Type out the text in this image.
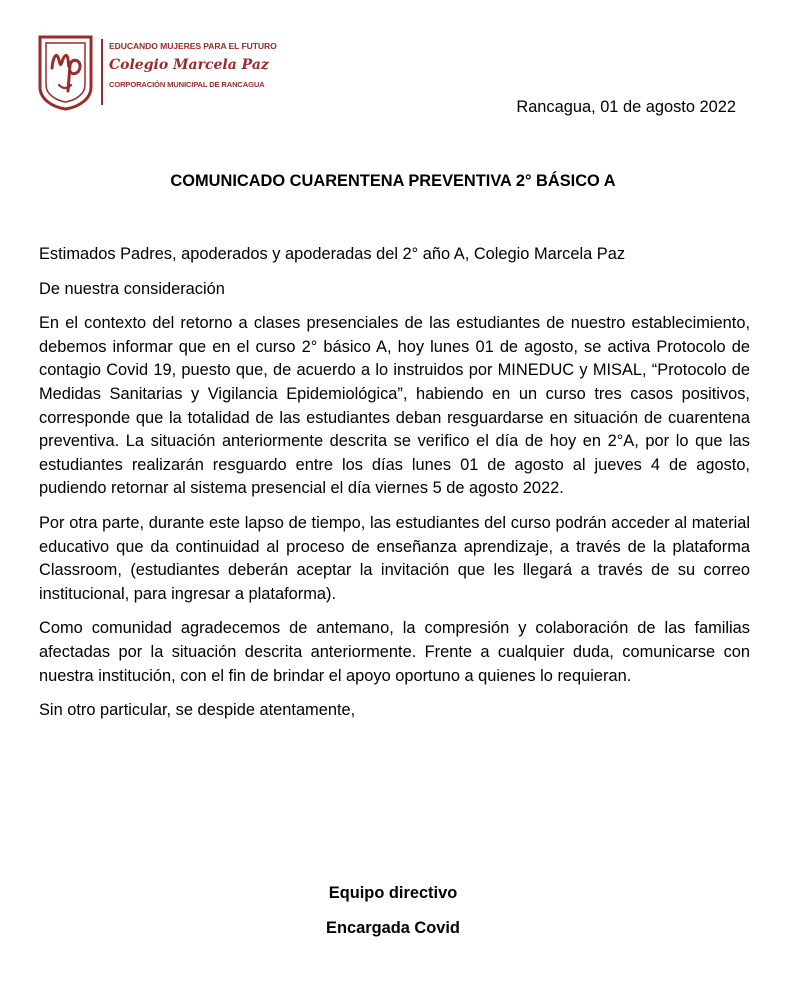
EDUCANDO MUJERES PARA EL FUTURO
Colegio Marcela Paz
CORPORACIÓN MUNICIPAL DE RANCAGUA
Rancagua, 01 de agosto 2022
COMUNICADO CUARENTENA PREVENTIVA 2° BÁSICO A

Estimados Padres, apoderados y apoderadas del 2° año A, Colegio Marcela Paz

De nuestra consideración

En el contexto del retorno a clases presenciales de las estudiantes de nuestro establecimiento, debemos informar que en el curso 2° básico A, hoy lunes 01 de agosto, se activa Protocolo de contagio Covid 19, puesto que, de acuerdo a lo instruidos por MINEDUC y MISAL, “Protocolo de Medidas Sanitarias y Vigilancia Epidemiológica”, habiendo en un curso tres casos positivos, corresponde que la totalidad de las estudiantes deban resguardarse en situación de cuarentena preventiva. La situación anteriormente descrita se verifico el día de hoy en 2°A, por lo que las estudiantes realizarán resguardo entre los días lunes 01 de agosto al jueves 4 de agosto, pudiendo retornar al sistema presencial el día viernes 5 de agosto 2022.

Por otra parte, durante este lapso de tiempo, las estudiantes del curso podrán acceder al material educativo que da continuidad al proceso de enseñanza aprendizaje, a través de la plataforma Classroom, (estudiantes deberán aceptar la invitación que les llegará a través de su correo institucional, para ingresar a plataforma).

Como comunidad agradecemos de antemano, la compresión y colaboración de las familias afectadas por la situación descrita anteriormente. Frente a cualquier duda, comunicarse con nuestra institución, con el fin de brindar el apoyo oportuno a quienes lo requieran.

Sin otro particular, se despide atentamente,

Equipo directivo
Encargada Covid
